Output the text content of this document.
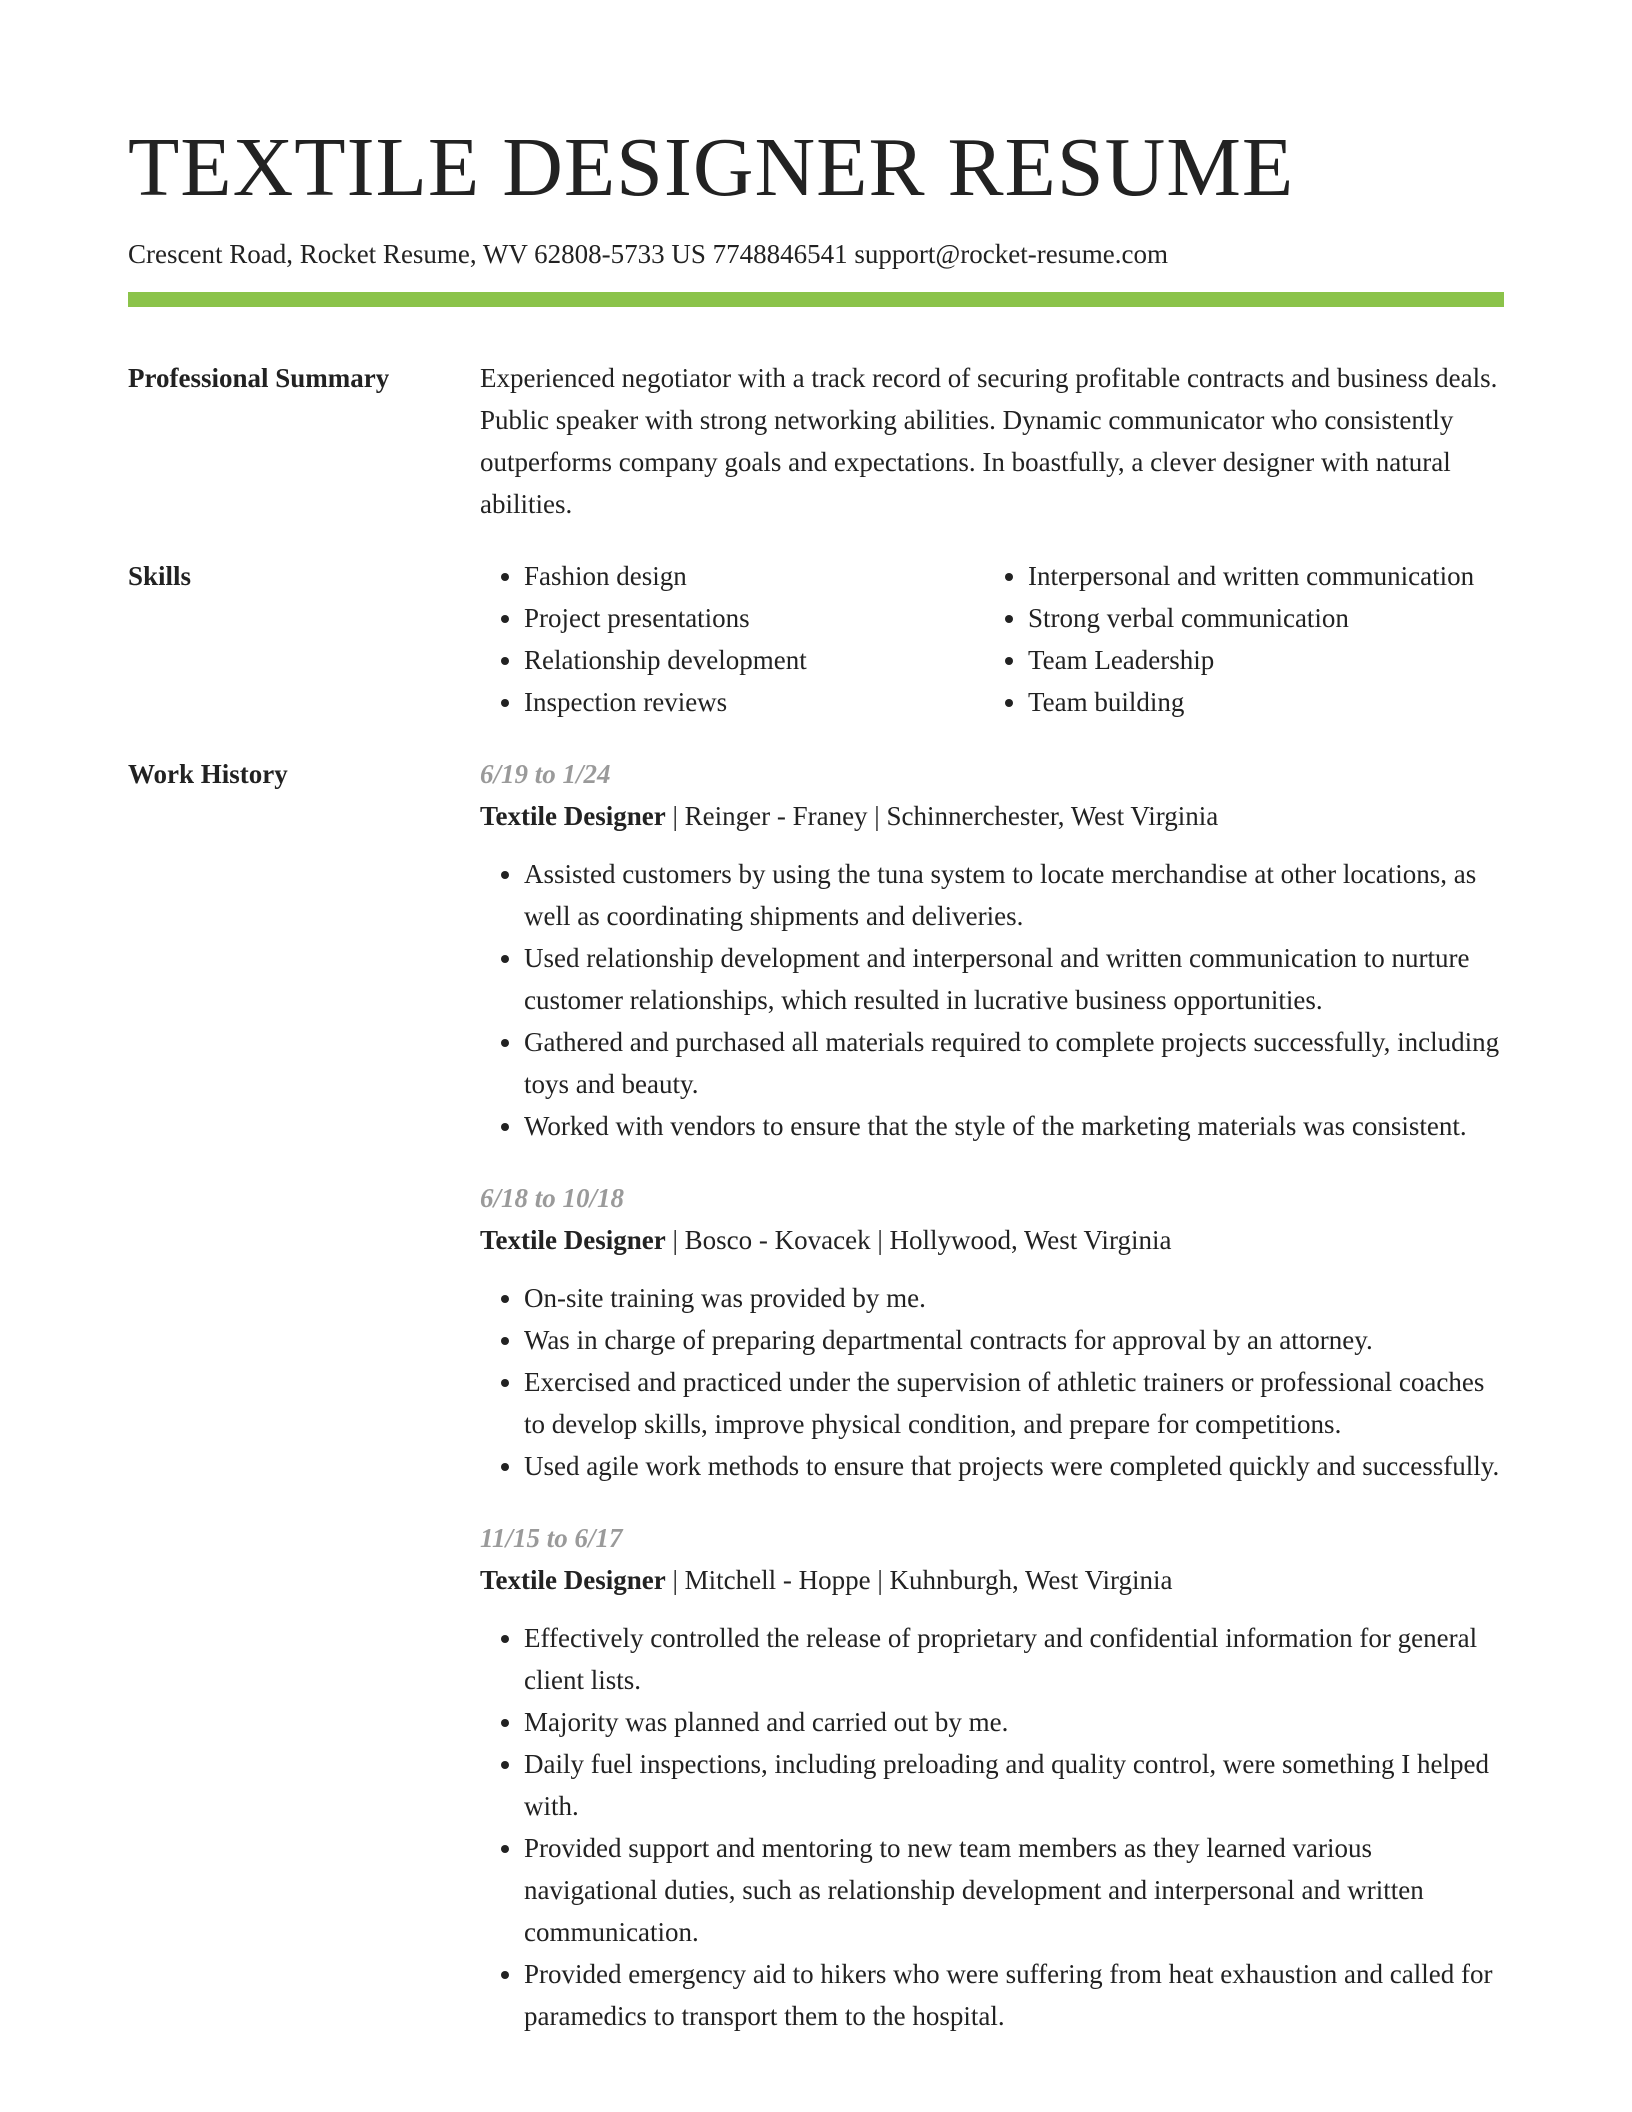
TEXTILE DESIGNER RESUME
Crescent Road, Rocket Resume, WV 62808-5733 US 7748846541 support@rocket-resume.com
Professional Summary	Experienced negotiator with a track record of securing profitable contracts and business deals. Public speaker with strong networking abilities. Dynamic communicator who consistently outperforms company goals and expectations. In boastfully, a clever designer with natural abilities.
Skills
•	Fashion design
• Project presentations
• Relationship development
• Inspection reviews
• Interpersonal and written communication
• Strong verbal communication
• Team Leadership
• Team building
Work History	6/19 to 1/24
Textile Designer | Reinger - Franey | Schinnerchester, West Virginia
• Assisted customers by using the tuna system to locate merchandise at other locations, as well as coordinating shipments and deliveries.
• Used relationship development and interpersonal and written communication to nurture customer relationships, which resulted in lucrative business opportunities.
• Gathered and purchased all materials required to complete projects successfully, including toys and beauty.
• Worked with vendors to ensure that the style of the marketing materials was consistent.
6/18 to 10/18
Textile Designer | Bosco - Kovacek | Hollywood, West Virginia
• On-site training was provided by me.
• Was in charge of preparing departmental contracts for approval by an attorney.
• Exercised and practiced under the supervision of athletic trainers or professional coaches to develop skills, improve physical condition, and prepare for competitions.
• Used agile work methods to ensure that projects were completed quickly and successfully.
11/15 to 6/17
Textile Designer | Mitchell - Hoppe | Kuhnburgh, West Virginia
• Effectively controlled the release of proprietary and confidential information for general client lists.
• Majority was planned and carried out by me.
• Daily fuel inspections, including preloading and quality control, were something I helped with.
• Provided support and mentoring to new team members as they learned various navigational duties, such as relationship development and interpersonal and written communication.
• Provided emergency aid to hikers who were suffering from heat exhaustion and called for paramedics to transport them to the hospital.
